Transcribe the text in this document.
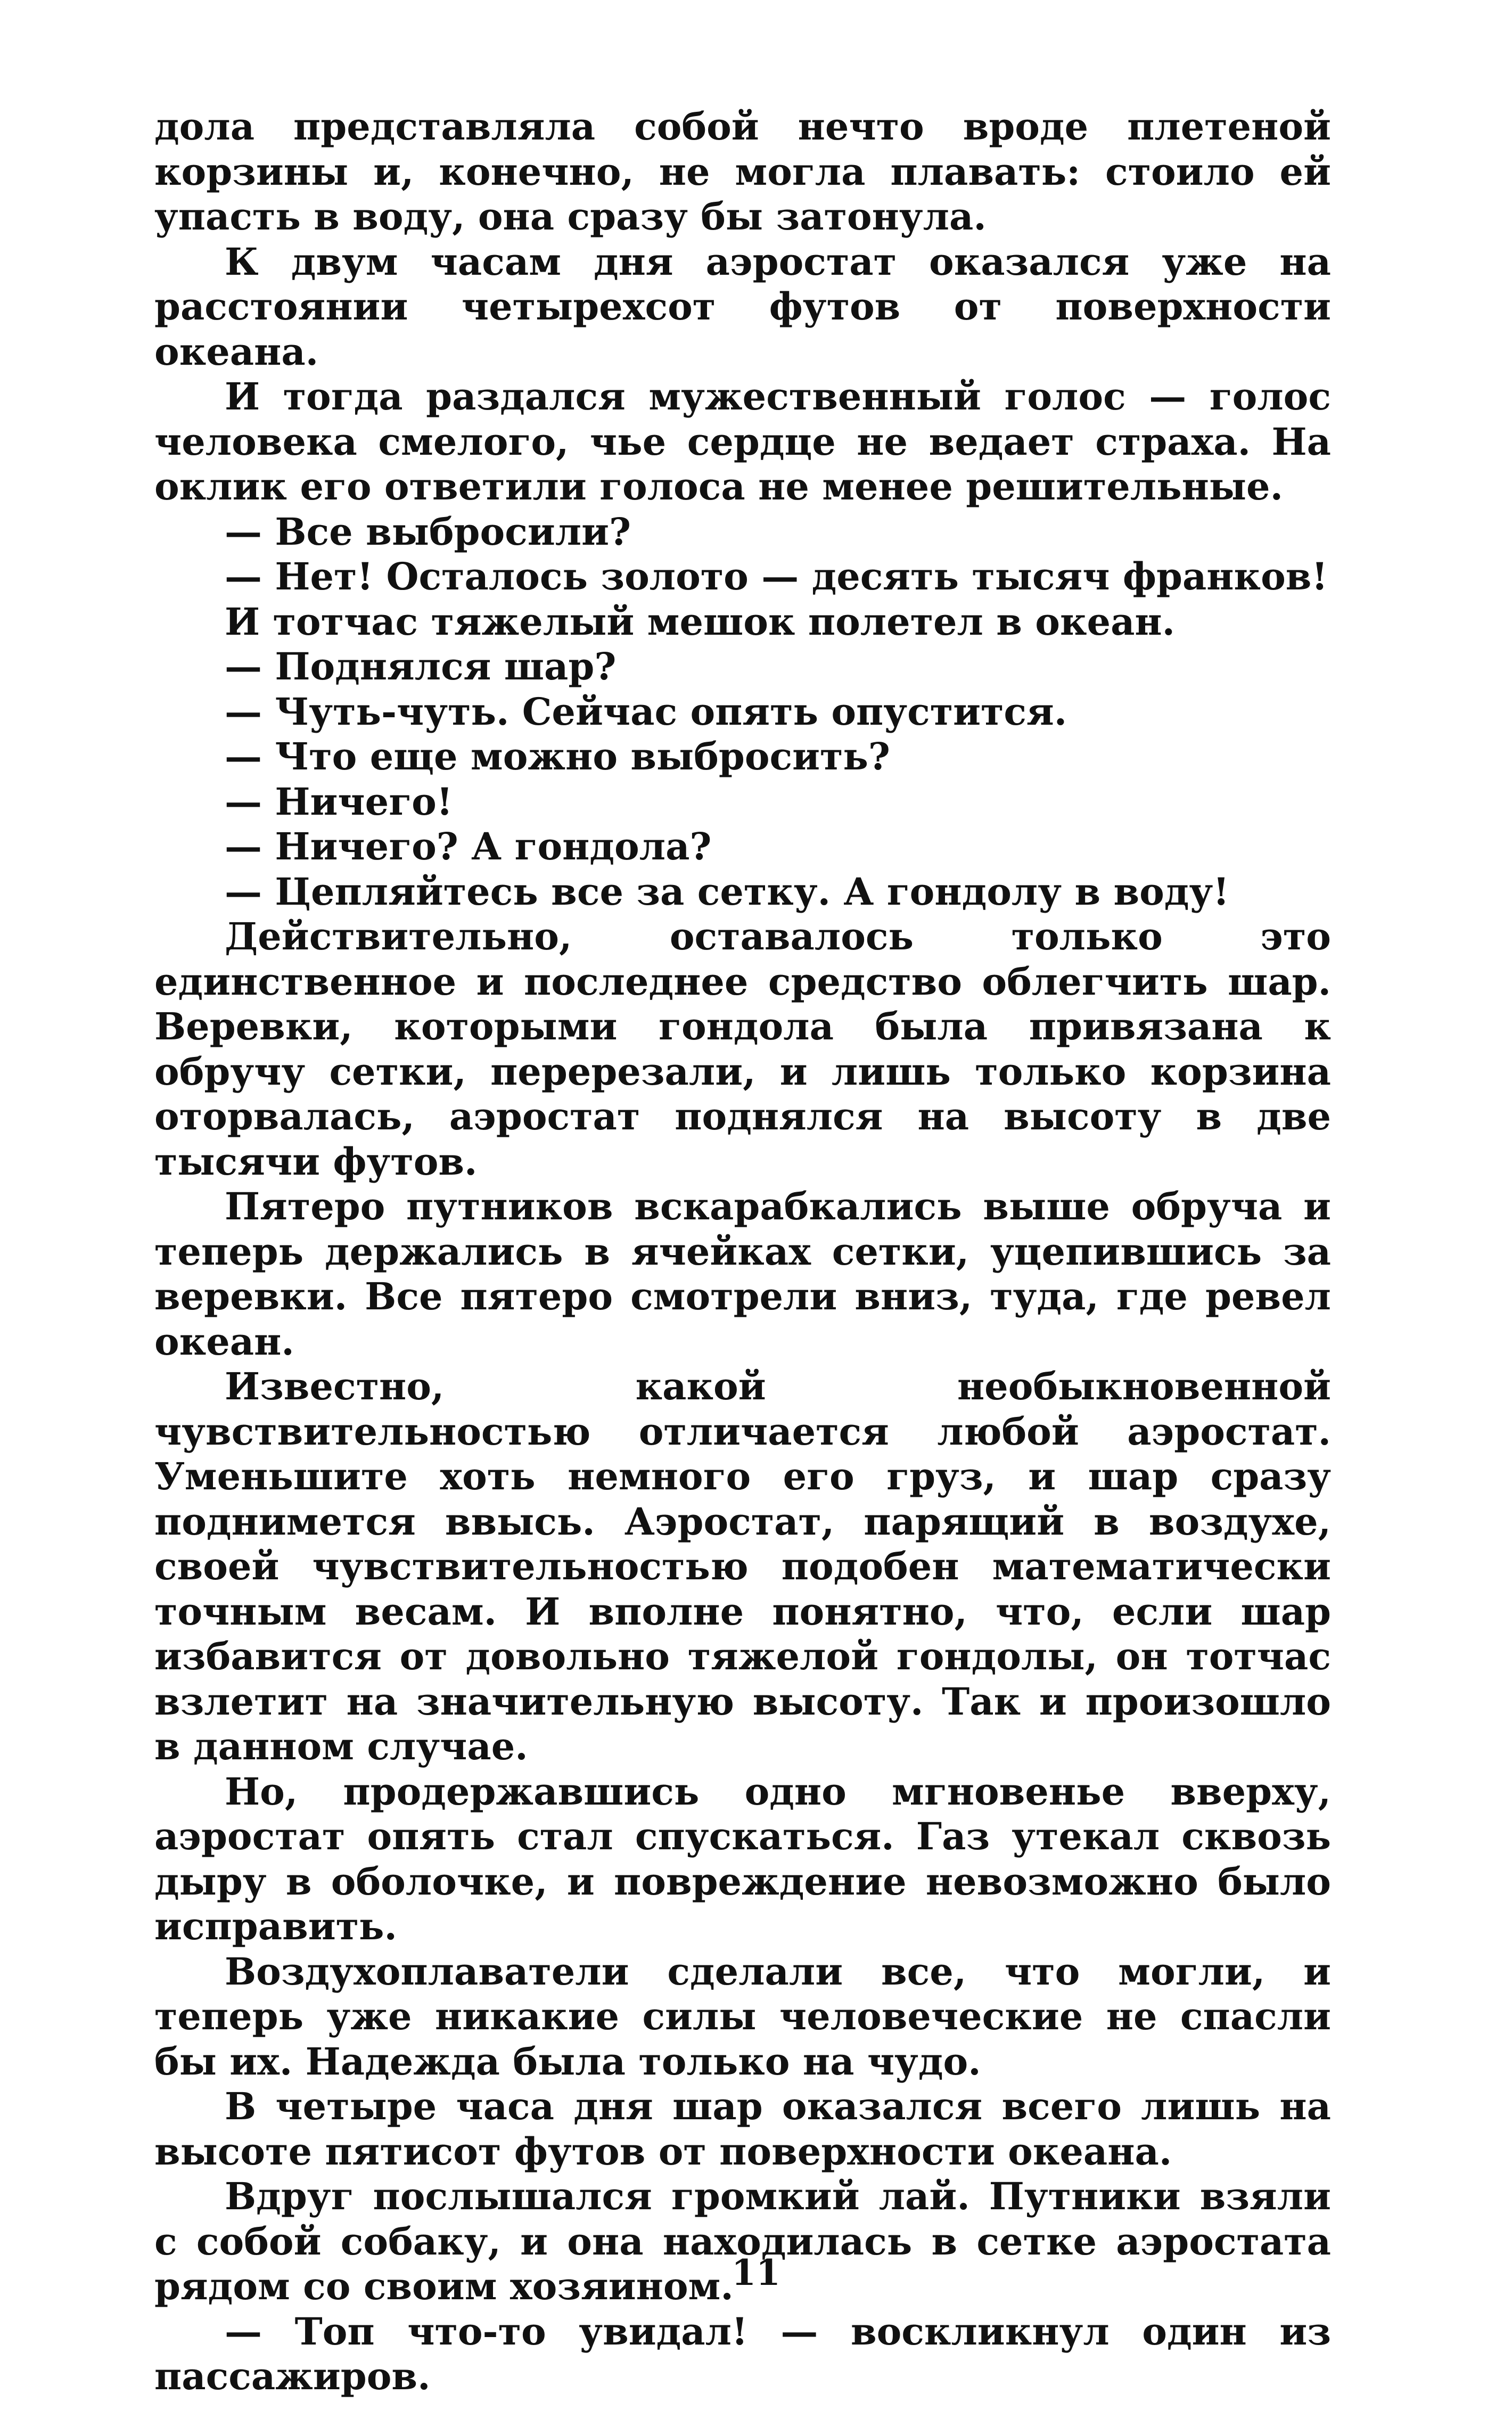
дола представляла собой нечто вроде плетеной корзины и, конечно, не могла плавать: стоило ей упасть в воду, она сразу бы затонула.

К двум часам дня аэростат оказался уже на расстоянии четырехсот футов от поверхности океана.

И тогда раздался мужественный голос — голос человека смелого, чье сердце не ведает страха. На оклик его ответили голоса не менее решительные.

— Все выбросили?

— Нет! Осталось золото — десять тысяч франков!

И тотчас тяжелый мешок полетел в океан.

— Поднялся шар?

— Чуть-чуть. Сейчас опять опустится.

— Что еще можно выбросить?

— Ничего!

— Ничего? А гондола?

— Цепляйтесь все за сетку. А гондолу в воду!

Действительно, оставалось только это единственное и последнее средство облегчить шар. Веревки, которыми гондола была привязана к обручу сетки, перерезали, и лишь только корзина оторвалась, аэростат поднялся на высоту в две тысячи футов.

Пятеро путников вскарабкались выше обруча и теперь держались в ячейках сетки, уцепившись за веревки. Все пятеро смотрели вниз, туда, где ревел океан.

Известно, какой необыкновенной чувствительностью отличается любой аэростат. Уменьшите хоть немного его груз, и шар сразу поднимется ввысь. Аэростат, парящий в воздухе, своей чувствительностью подобен математически точным весам. И вполне понятно, что, если шар избавится от довольно тяжелой гондолы, он тотчас взлетит на значительную высоту. Так и произошло в данном случае.

Но, продержавшись одно мгновенье вверху, аэростат опять стал спускаться. Газ утекал сквозь дыру в оболочке, и повреждение невозможно было исправить.

Воздухоплаватели сделали все, что могли, и теперь уже никакие силы человеческие не спасли бы их. Надежда была только на чудо.

В четыре часа дня шар оказался всего лишь на высоте пятисот футов от поверхности океана.

Вдруг послышался громкий лай. Путники взяли с собой собаку, и она находилась в сетке аэростата рядом со своим хозяином.

— Топ что-то увидал! — воскликнул один из пассажиров.

11
